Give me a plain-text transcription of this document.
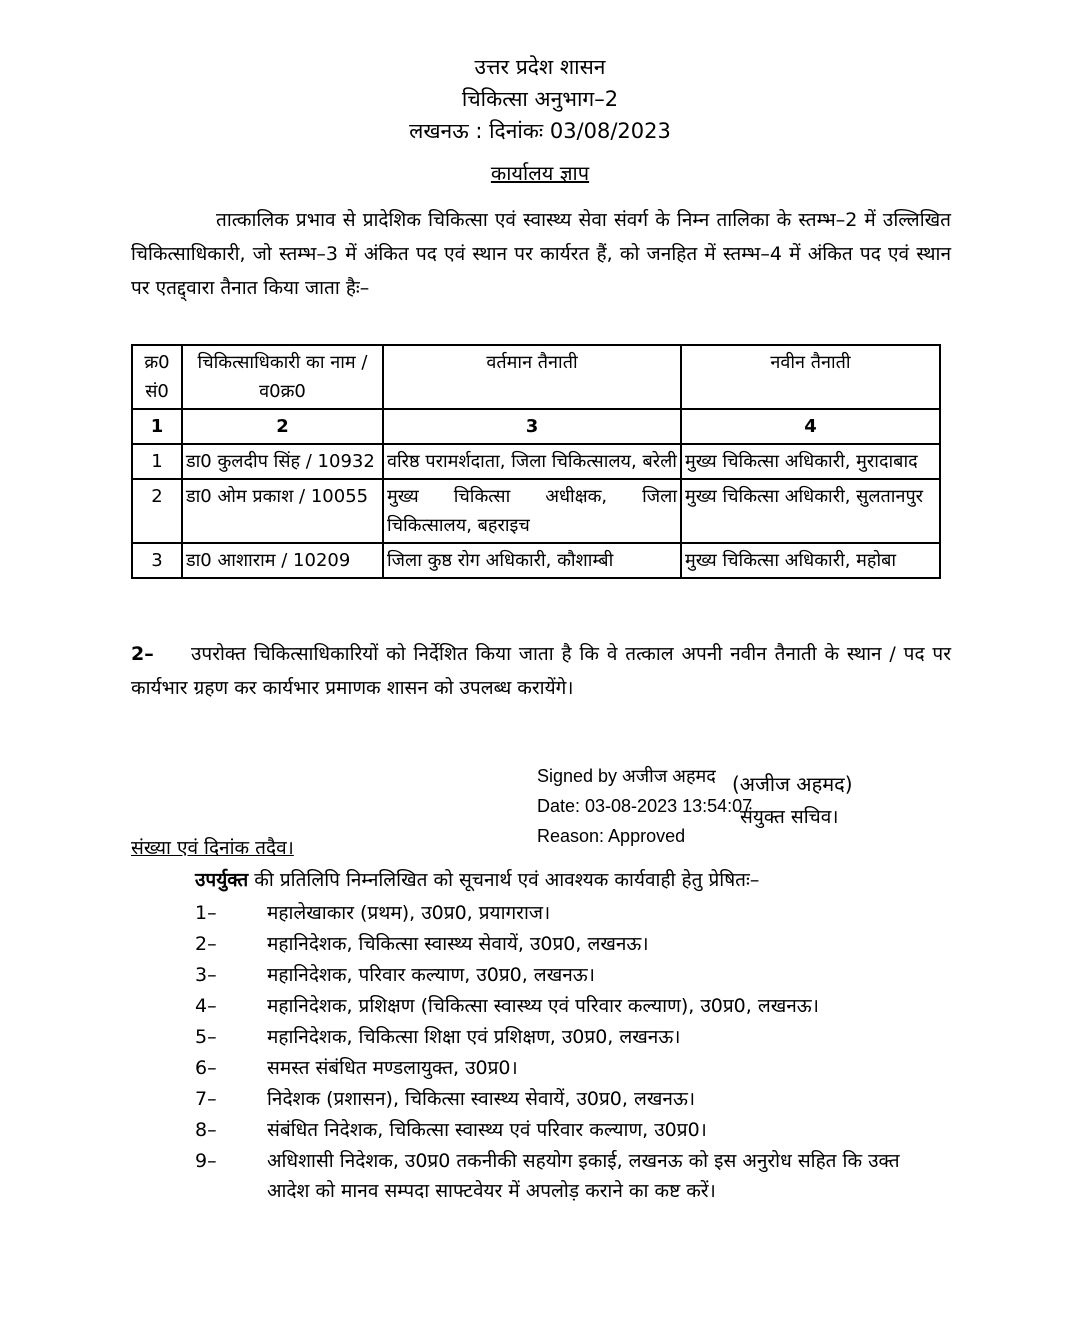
उत्तर प्रदेश शासन
चिकित्सा अनुभाग–2
लखनऊ : दिनांकः 03/08/2023
कार्यालय ज्ञाप
तात्कालिक प्रभाव से प्रादेशिक चिकित्सा एवं स्वास्थ्य सेवा संवर्ग के निम्न तालिका के स्तम्भ–2 में उल्लिखित चिकित्साधिकारी, जो स्तम्भ–3 में अंकित पद एवं स्थान पर कार्यरत हैं, को जनहित में स्तम्भ–4 में अंकित पद एवं स्थान पर एतद्द्वारा तैनात किया जाता हैः–
क्र0 सं0	चिकित्साधिकारी का नाम / व0क्र0	वर्तमान तैनाती	नवीन तैनाती
1	2	3	4
1	डा0 कुलदीप सिंह / 10932	वरिष्ठ परामर्शदाता, जिला चिकित्सालय, बरेली	मुख्य चिकित्सा अधिकारी, मुरादाबाद
2	डा0 ओम प्रकाश / 10055	मुख्य चिकित्सा अधीक्षक, जिला चिकित्सालय, बहराइच	मुख्य चिकित्सा अधिकारी, सुलतानपुर
3	डा0 आशाराम / 10209	जिला कुष्ठ रोग अधिकारी, कौशाम्बी	मुख्य चिकित्सा अधिकारी, महोबा
2– उपरोक्त चिकित्साधिकारियों को निर्देशित किया जाता है कि वे तत्काल अपनी नवीन तैनाती के स्थान / पद पर कार्यभार ग्रहण कर कार्यभार प्रमाणक शासन को उपलब्ध करायेंगे।
Signed by अजीज अहमद
Date: 03-08-2023 13:54:07
Reason: Approved
(अजीज अहमद)
संयुक्त सचिव।
संख्या एवं दिनांक तदैव।
उपर्युक्त की प्रतिलिपि निम्नलिखित को सूचनार्थ एवं आवश्यक कार्यवाही हेतु प्रेषितः–
1–	महालेखाकार (प्रथम), उ0प्र0, प्रयागराज।
2–	महानिदेशक, चिकित्सा स्वास्थ्य सेवायें, उ0प्र0, लखनऊ।
3–	महानिदेशक, परिवार कल्याण, उ0प्र0, लखनऊ।
4–	महानिदेशक, प्रशिक्षण (चिकित्सा स्वास्थ्य एवं परिवार कल्याण), उ0प्र0, लखनऊ।
5–	महानिदेशक, चिकित्सा शिक्षा एवं प्रशिक्षण, उ0प्र0, लखनऊ।
6–	समस्त संबंधित मण्डलायुक्त, उ0प्र0।
7–	निदेशक (प्रशासन), चिकित्सा स्वास्थ्य सेवायें, उ0प्र0, लखनऊ।
8–	संबंधित निदेशक, चिकित्सा स्वास्थ्य एवं परिवार कल्याण, उ0प्र0।
9–	अधिशासी निदेशक, उ0प्र0 तकनीकी सहयोग इकाई, लखनऊ को इस अनुरोध सहित कि उक्त आदेश को मानव सम्पदा साफ्टवेयर में अपलोड़ कराने का कष्ट करें।
